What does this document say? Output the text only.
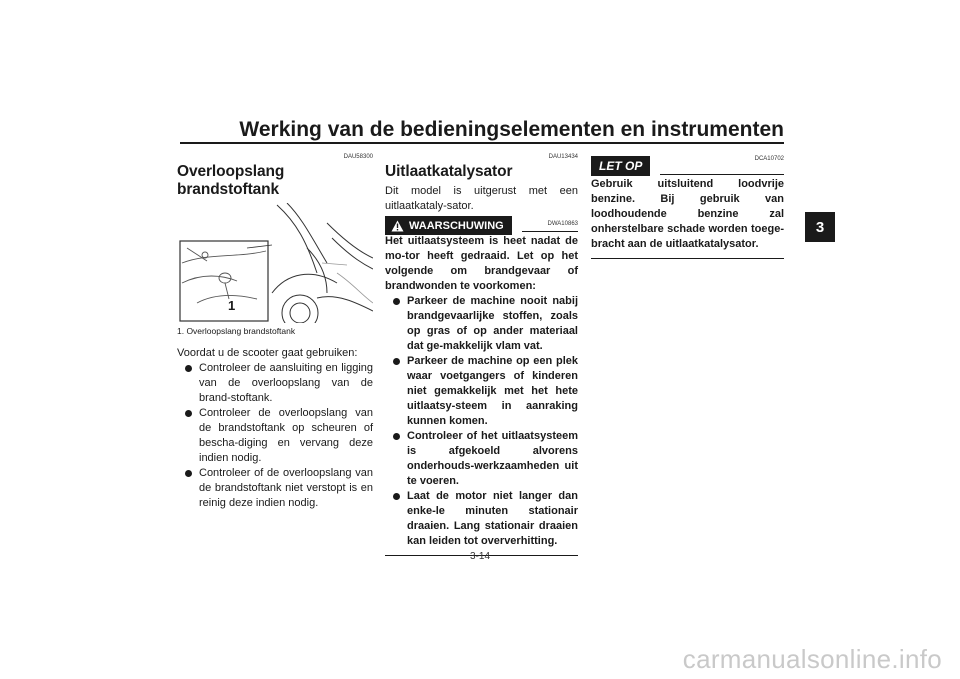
Werking van de bedieningselementen en instrumenten
3
DAU58300
Overloopslang brandstoftank
1
1. Overloopslang brandstoftank

Voordat u de scooter gaat gebruiken:

Controleer de aansluiting en ligging van de overloopslang van de brand-stoftank.
Controleer de overloopslang van de brandstoftank op scheuren of bescha-diging en vervang deze indien nodig.
Controleer of de overloopslang van de brandstoftank niet verstopt is en reinig deze indien nodig.
DAU13434
Uitlaatkatalysator

Dit model is uitgerust met een uitlaatkataly-sator.

WAARSCHUWING	DWA10863

Het uitlaatsysteem is heet nadat de mo-tor heeft gedraaid. Let op het volgende om brandgevaar of brandwonden te voorkomen:

Parkeer de machine nooit nabij brandgevaarlijke stoffen, zoals op gras of op ander materiaal dat ge-makkelijk vlam vat.
Parkeer de machine op een plek waar voetgangers of kinderen niet gemakkelijk met het hete uitlaatsy-steem in aanraking kunnen komen.
Controleer of het uitlaatsysteem is afgekoeld alvorens onderhouds-werkzaamheden uit te voeren.
Laat de motor niet langer dan enke-le minuten stationair draaien. Lang stationair draaien kan leiden tot oververhitting.
LET OP	DCA10702

Gebruik uitsluitend loodvrije benzine. Bij gebruik van loodhoudende benzine zal onherstelbare schade worden toege-bracht aan de uitlaatkatalysator.

3-14
carmanualsonline.info
